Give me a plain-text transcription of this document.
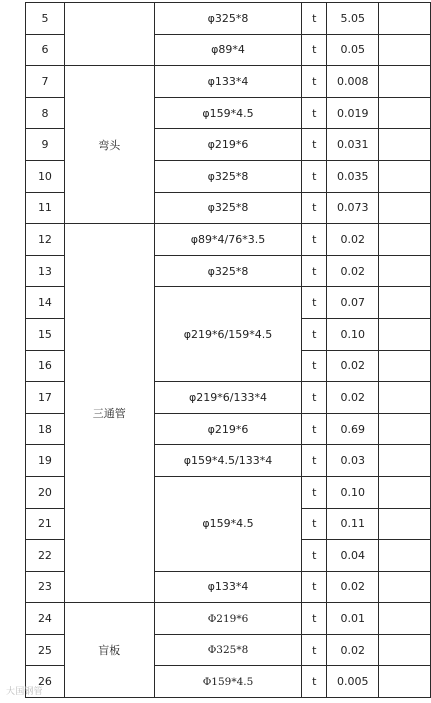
5		φ325*8	t	5.05	
6		φ89*4	t	0.05	
7	弯头	φ133*4	t	0.008	
8		φ159*4.5	t	0.019	
9		φ219*6	t	0.031	
10		φ325*8	t	0.035	
11		φ325*8	t	0.073	
12	三通管	φ89*4/76*3.5	t	0.02	
13		φ325*8	t	0.02	
14		φ219*6/159*4.5	t	0.07	
15			t	0.10	
16			t	0.02	
17		φ219*6/133*4	t	0.02	
18		φ219*6	t	0.69	
19		φ159*4.5/133*4	t	0.03	
20		φ159*4.5	t	0.10	
21			t	0.11	
22			t	0.04	
23		φ133*4	t	0.02	
24	盲板	Φ219*6	t	0.01	
25		Φ325*8	t	0.02	
26		Φ159*4.5	t	0.005	
大国钢管
